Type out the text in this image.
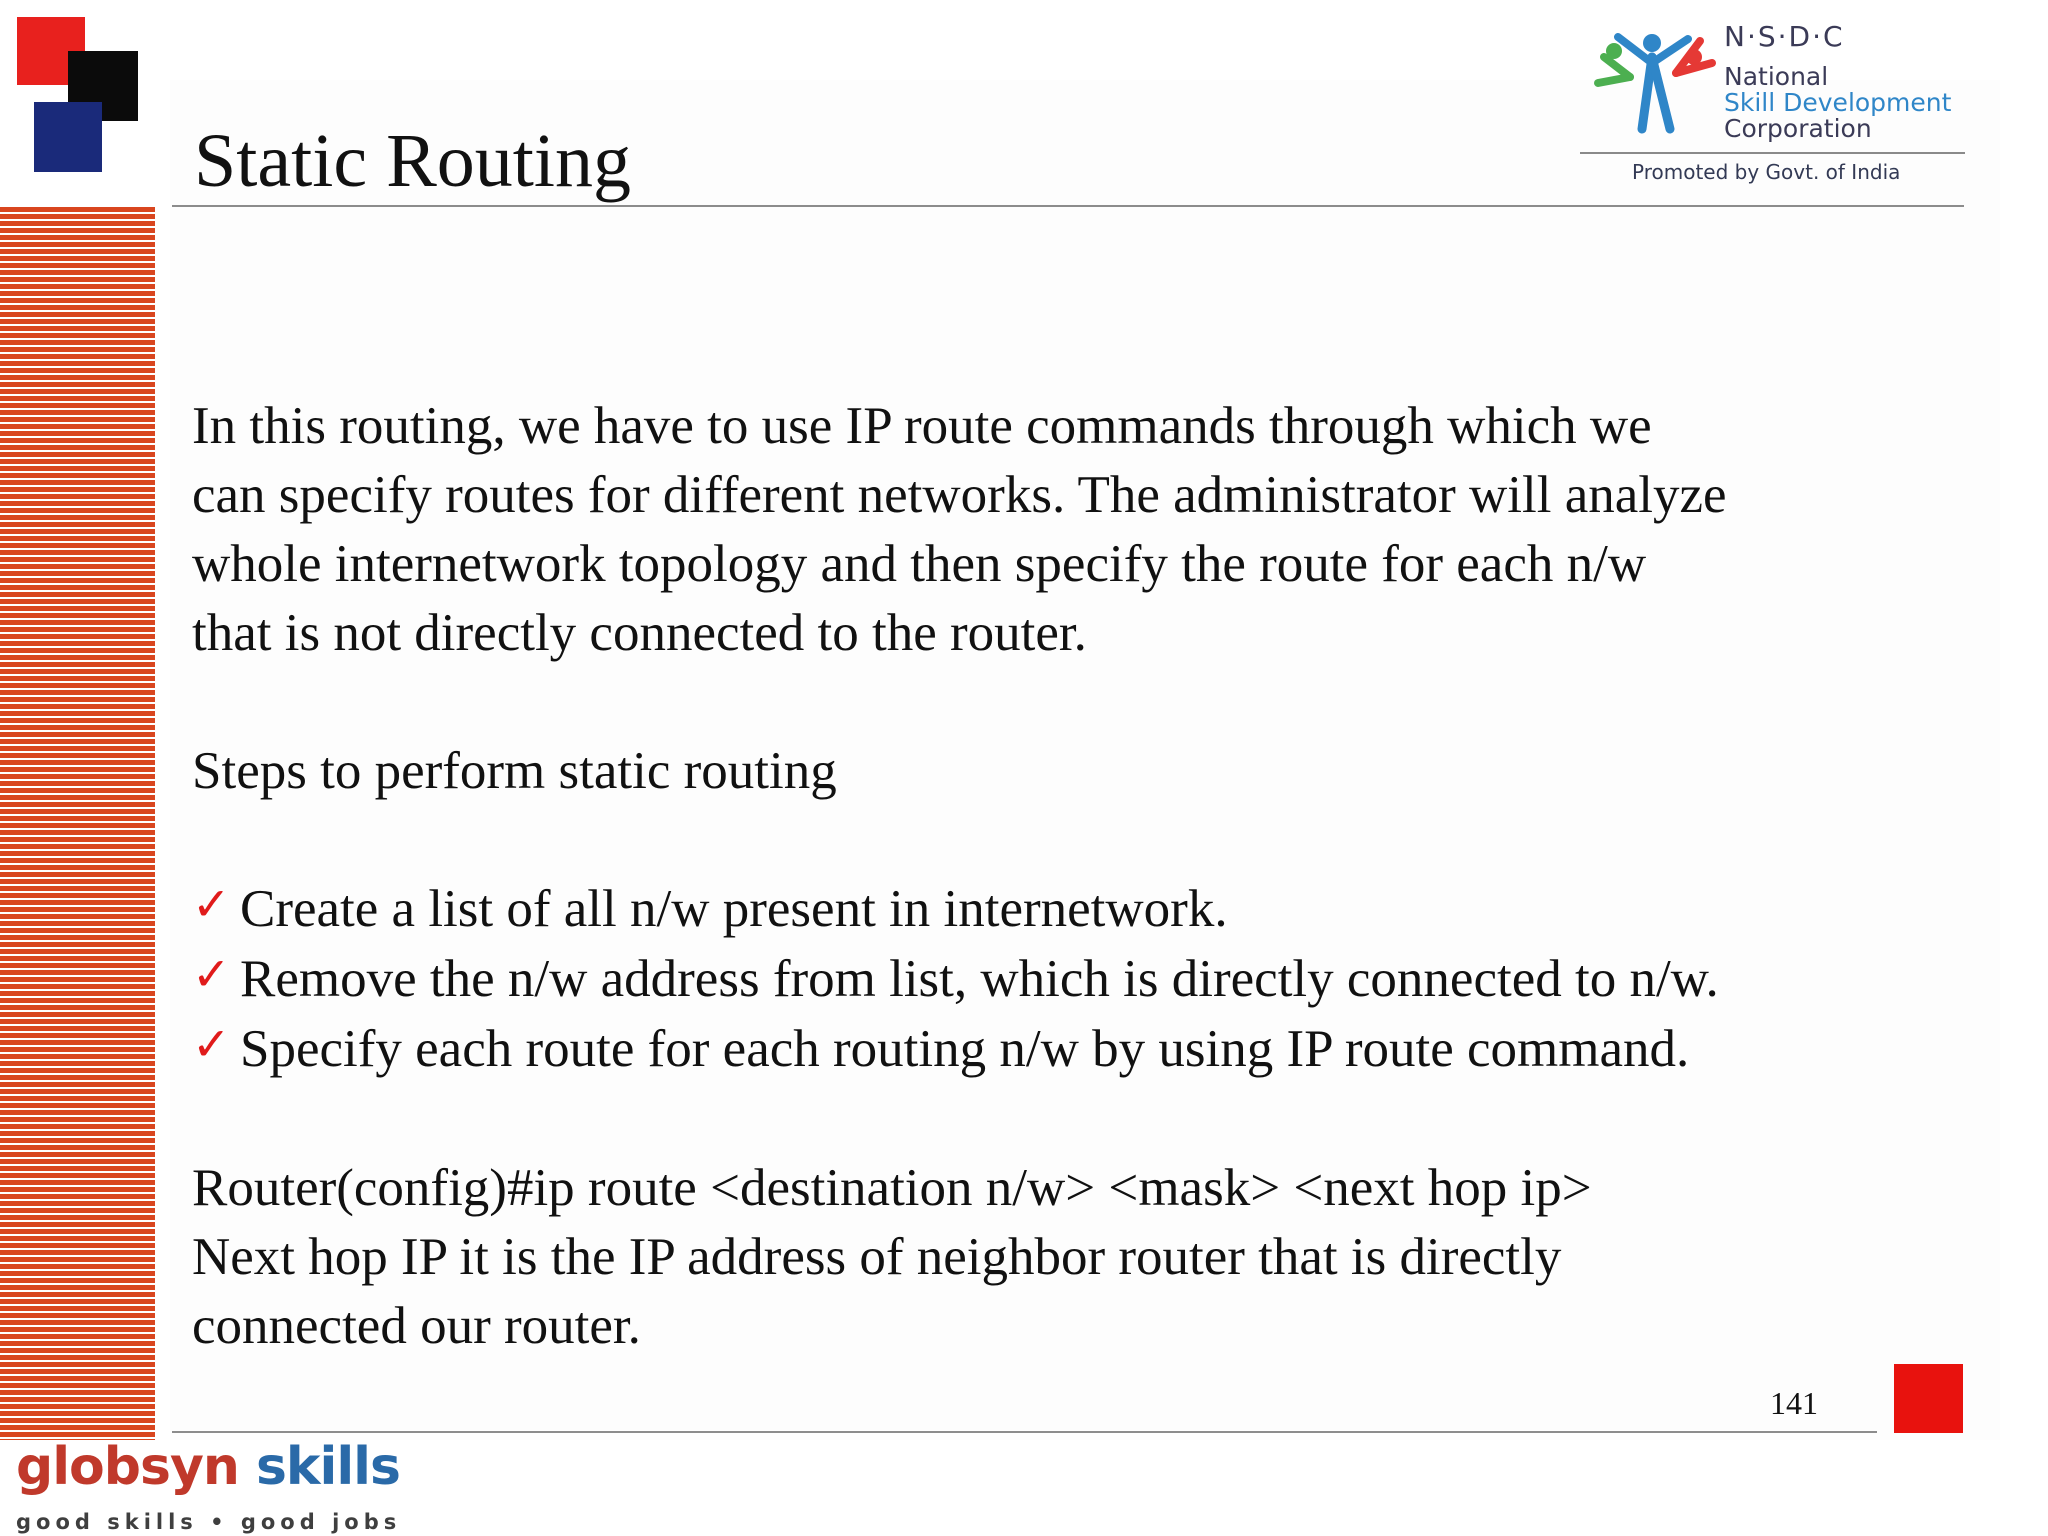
Static Routing
N·S·D·C
National
Skill Development
Corporation
Promoted by Govt. of India

In this routing, we have to use IP route commands through which we

can specify routes for different networks. The administrator will analyze

whole internetwork topology and then specify the route for each n/w

that is not directly connected to the router.

Steps to perform static routing

✓ Create a list of all n/w present in internetwork.
✓ Remove the n/w address from list, which is directly connected to n/w.
✓ Specify each route for each routing n/w by using IP route command.

Router(config)#ip route <destination n/w> <mask> <next hop ip>

Next hop IP it is the IP address of neighbor router that is directly

connected our router.

141
globsyn skills
good skills • good jobs
